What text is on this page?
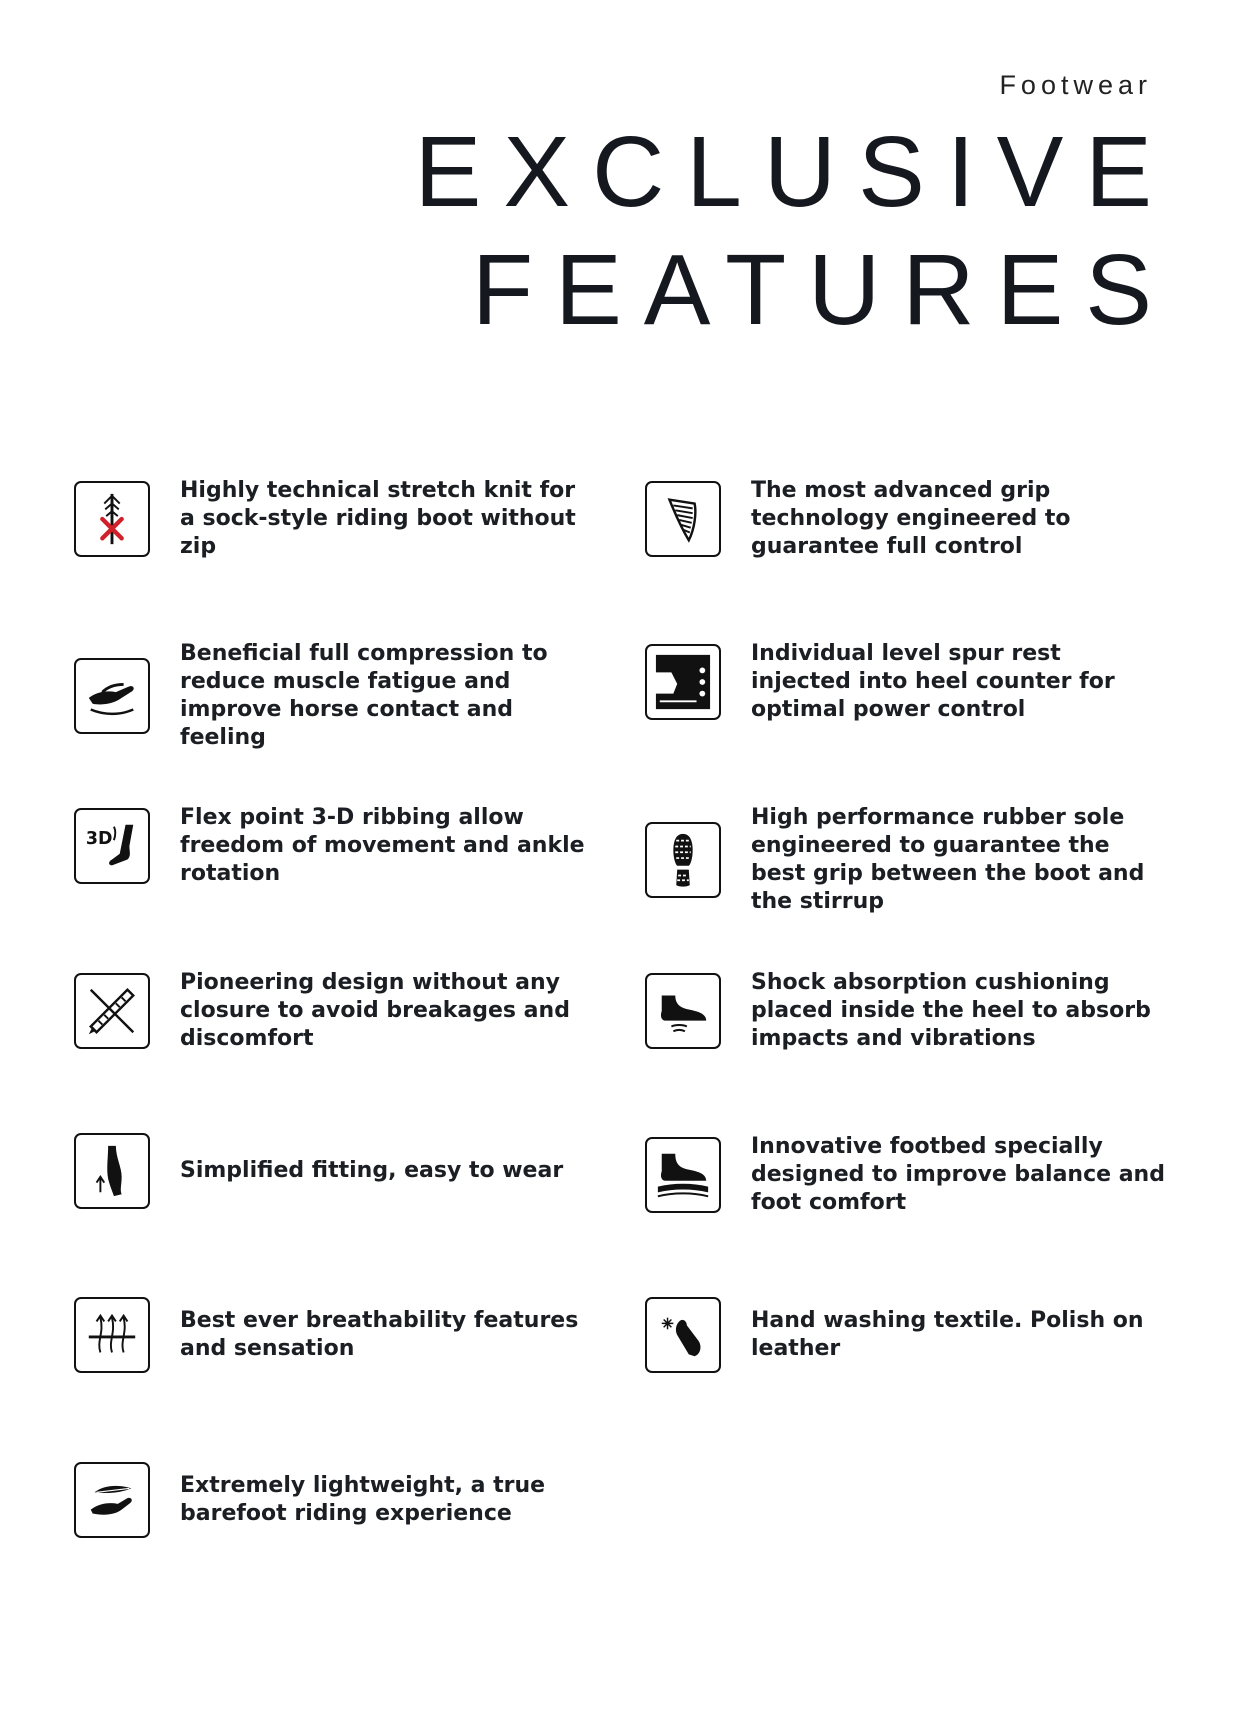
Footwear
EXCLUSIVE
FEATURES
Highly technical stretch knit for a sock-style riding boot without zip
Beneficial full compression to reduce muscle fatigue and improve horse contact and feeling
3D
Flex point 3-D ribbing allow freedom of movement and ankle rotation
Pioneering design without any closure to avoid breakages and discomfort
Simplified fitting, easy to wear
Best ever breathability features and sensation
Extremely lightweight, a true barefoot riding experience
The most advanced grip technology engineered to guarantee full control
Individual level spur rest injected into heel counter for optimal power control
High performance rubber sole engineered to guarantee the best grip between the boot and the stirrup
Shock absorption cushioning placed inside the heel to absorb impacts and vibrations
Innovative footbed specially designed to improve balance and foot comfort
Hand washing textile. Polish on leather
